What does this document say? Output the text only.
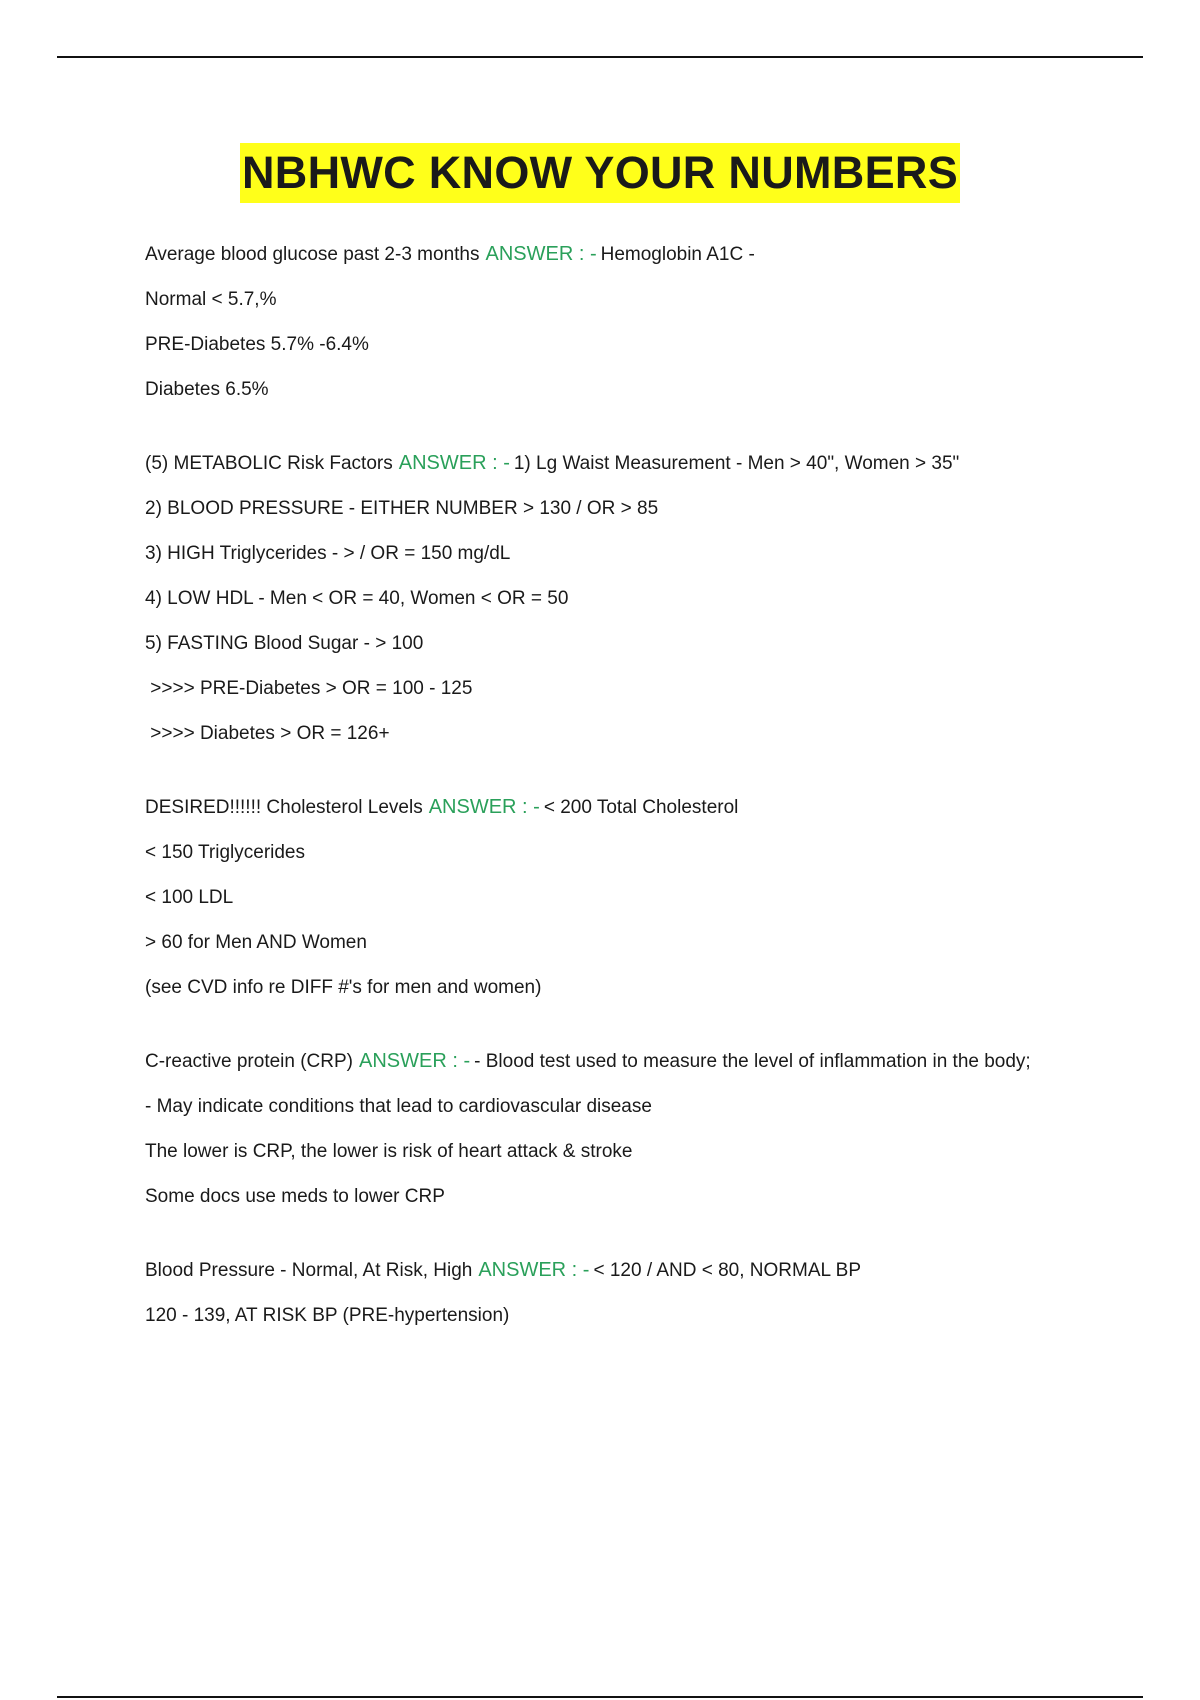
NBHWC KNOW YOUR NUMBERS

Average blood glucose past 2-3 months ANSWER : - Hemoglobin A1C -

Normal < 5.7,%

PRE-Diabetes 5.7% -6.4%

Diabetes 6.5%

(5) METABOLIC Risk Factors ANSWER : - 1) Lg Waist Measurement - Men > 40", Women > 35"

2) BLOOD PRESSURE - EITHER NUMBER > 130 / OR > 85

3) HIGH Triglycerides - > / OR = 150 mg/dL

4) LOW HDL - Men < OR = 40, Women < OR = 50

5) FASTING Blood Sugar - > 100

>>>> PRE-Diabetes > OR = 100 - 125

>>>> Diabetes > OR = 126+

DESIRED!!!!!! Cholesterol Levels ANSWER : - < 200 Total Cholesterol

< 150 Triglycerides

< 100 LDL

> 60 for Men AND Women

(see CVD info re DIFF #'s for men and women)

C-reactive protein (CRP) ANSWER : - - Blood test used to measure the level of inflammation in the body;

- May indicate conditions that lead to cardiovascular disease

The lower is CRP, the lower is risk of heart attack & stroke

Some docs use meds to lower CRP

Blood Pressure - Normal, At Risk, High ANSWER : - < 120 / AND < 80, NORMAL BP

120 - 139, AT RISK BP (PRE-hypertension)
